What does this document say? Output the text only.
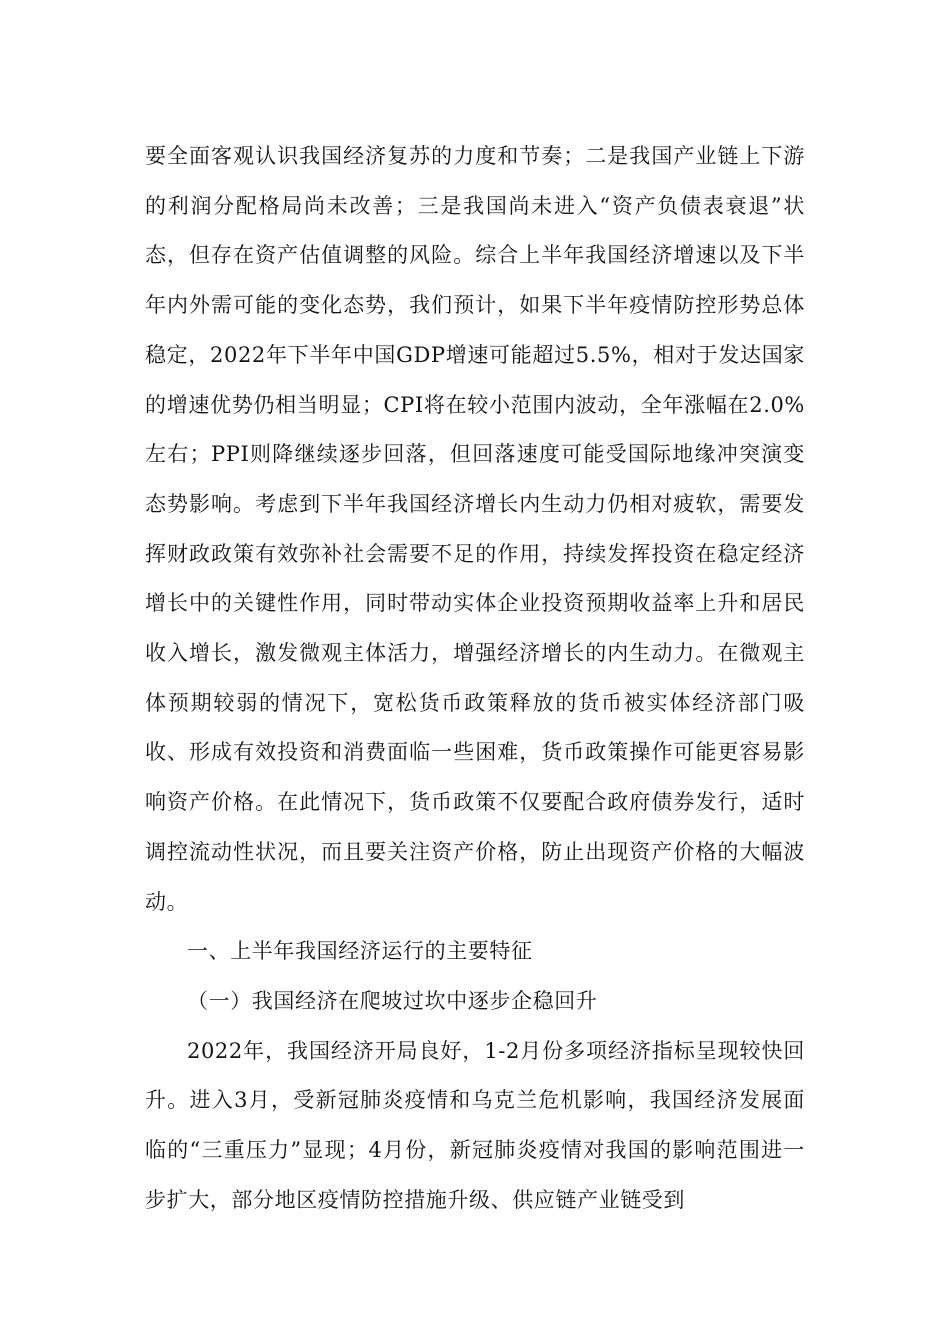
要全面客观认识我国经济复苏的力度和节奏；二是我国产业链上下游的利润分配格局尚未改善；三是我国尚未进入“资产负债表衰退”状态，但存在资产估值调整的风险。综合上半年我国经济增速以及下半年内外需可能的变化态势，我们预计，如果下半年疫情防控形势总体稳定，2022年下半年中国GDP增速可能超过5.5%，相对于发达国家的增速优势仍相当明显；CPI将在较小范围内波动，全年涨幅在2.0%左右；PPI则降继续逐步回落，但回落速度可能受国际地缘冲突演变态势影响。考虑到下半年我国经济增长内生动力仍相对疲软，需要发挥财政政策有效弥补社会需要不足的作用，持续发挥投资在稳定经济增长中的关键性作用，同时带动实体企业投资预期收益率上升和居民收入增长，激发微观主体活力，增强经济增长的内生动力。在微观主体预期较弱的情况下，宽松货币政策释放的货币被实体经济部门吸收、形成有效投资和消费面临一些困难，货币政策操作可能更容易影响资产价格。在此情况下，货币政策不仅要配合政府债券发行，适时调控流动性状况，而且要关注资产价格，防止出现资产价格的大幅波动。

一、上半年我国经济运行的主要特征

（一）我国经济在爬坡过坎中逐步企稳回升

2022年，我国经济开局良好，1-2月份多项经济指标呈现较快回升。进入3月，受新冠肺炎疫情和乌克兰危机影响，我国经济发展面临的“三重压力”显现；4月份，新冠肺炎疫情对我国的影响范围进一步扩大，部分地区疫情防控措施升级、供应链产业链受到
